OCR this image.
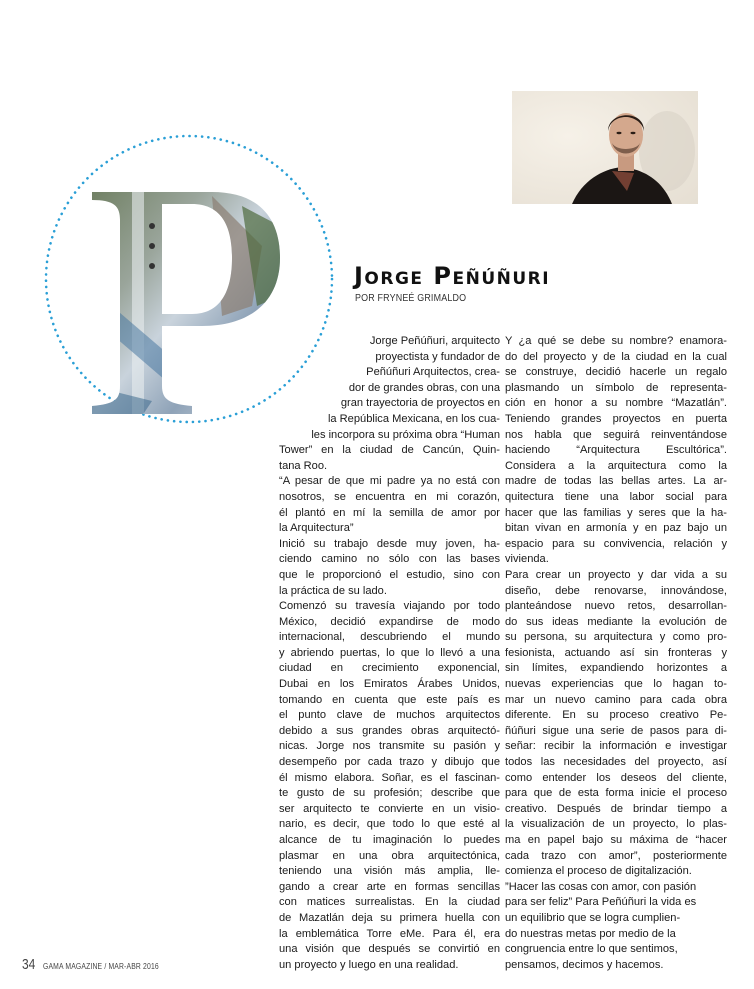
Jorge Peñúñuri
POR FRYNEÉ GRIMALDO
Jorge Peñúñuri, arquitecto
proyectista y fundador de
Peñúñuri Arquitectos, crea-
dor de grandes obras, con una
gran trayectoria de proyectos en
la República Mexicana, en los cua-
les incorpora su próxima obra “Human
Tower” en la ciudad de Cancún, Quin-
tana Roo.
“A pesar de que mi padre ya no está con
nosotros, se encuentra en mi corazón,
él plantó en mí la semilla de amor por
la Arquitectura”
Inició su trabajo desde muy joven, ha-
ciendo camino no sólo con las bases
que le proporcionó el estudio, sino con
la práctica de su lado.
Comenzó su travesía viajando por todo
México, decidió expandirse de modo
internacional, descubriendo el mundo
y abriendo puertas, lo que lo llevó a una
ciudad en crecimiento exponencial,
Dubai en los Emiratos Árabes Unidos,
tomando en cuenta que este país es
el punto clave de muchos arquitectos
debido a sus grandes obras arquitectó-
nicas. Jorge nos transmite su pasión y
desempeño por cada trazo y dibujo que
él mismo elabora. Soñar, es el fascinan-
te gusto de su profesión; describe que
ser arquitecto te convierte en un visio-
nario, es decir, que todo lo que esté al
alcance de tu imaginación lo puedes
plasmar en una obra arquitectónica,
teniendo una visión más amplia, lle-
gando a crear arte en formas sencillas
con matices surrealistas. En la ciudad
de Mazatlán deja su primera huella con
la emblemática Torre eMe. Para él, era
una visión que después se convirtió en
un proyecto y luego en una realidad.
Y ¿a qué se debe su nombre? enamora-
do del proyecto y de la ciudad en la cual
se construye, decidió hacerle un regalo
plasmando un símbolo de representa-
ción en honor a su nombre “Mazatlán”.
Teniendo grandes proyectos en puerta
nos habla que seguirá reinventándose
haciendo “Arquitectura Escultórica”.
Considera a la arquitectura como la
madre de todas las bellas artes. La ar-
quitectura tiene una labor social para
hacer que las familias y seres que la ha-
bitan vivan en armonía y en paz bajo un
espacio para su convivencia, relación y
vivienda.
Para crear un proyecto y dar vida a su
diseño, debe renovarse, innovándose,
planteándose nuevo retos, desarrollan-
do sus ideas mediante la evolución de
su persona, su arquitectura y como pro-
fesionista, actuando así sin fronteras y
sin límites, expandiendo horizontes a
nuevas experiencias que lo hagan to-
mar un nuevo camino para cada obra
diferente. En su proceso creativo Pe-
ñúñuri sigue una serie de pasos para di-
señar: recibir la información e investigar
todos las necesidades del proyecto, así
como entender los deseos del cliente,
para que de esta forma inicie el proceso
creativo. Después de brindar tiempo a
la visualización de un proyecto, lo plas-
ma en papel bajo su máxima de “hacer
cada trazo con amor”, posteriormente
comienza el proceso de digitalización.
”Hacer las cosas con amor, con pasión
para ser feliz” Para Peñúñuri la vida es
un equilibrio que se logra cumplien-
do nuestras metas por medio de la
congruencia entre lo que sentimos,
pensamos, decimos y hacemos.
34 GAMA MAGAZINE / MAR-ABR 2016
